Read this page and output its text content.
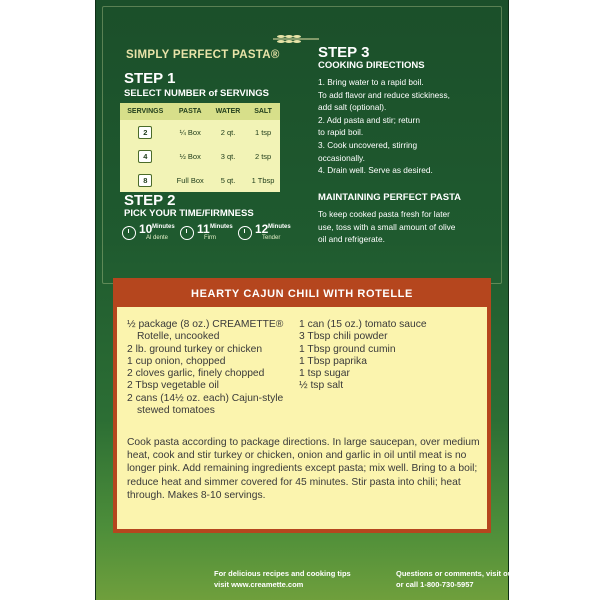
SIMPLY PERFECT PASTA®
STEP 1
SELECT NUMBER of SERVINGS
SERVINGS	PASTA	WATER	SALT
2	¼ Box	2 qt.	1 tsp
4	½ Box	3 qt.	2 tsp
8	Full Box	5 qt.	1 Tbsp
STEP 2
PICK YOUR TIME/FIRMNESS
10 Minutes
Al dente
11 Minutes
Firm
12 Minutes
Tender
STEP 3
COOKING DIRECTIONS

1. Bring water to a rapid boil.

To add flavor and reduce stickiness,

add salt (optional).

2. Add pasta and stir; return

to rapid boil.

3. Cook uncovered, stirring

occasionally.

4. Drain well. Serve as desired.

MAINTAINING PERFECT PASTA
To keep cooked pasta fresh for later
use, toss with a small amount of olive
oil and refrigerate.
For delicious recipes and cooking tips
visit www.creamette.com
Questions or comments, visit our web site
or call 1-800-730-5957
HEARTY CAJUN CHILI WITH ROTELLE
½ package (8 oz.) CREAMETTE®
Rotelle, uncooked
2 lb. ground turkey or chicken
1 cup onion, chopped
2 cloves garlic, finely chopped
2 Tbsp vegetable oil
2 cans (14½ oz. each) Cajun-style
stewed tomatoes
1 can (15 oz.) tomato sauce
3 Tbsp chili powder
1 Tbsp ground cumin
1 Tbsp paprika
1 tsp sugar
½ tsp salt
Cook pasta according to package directions. In large saucepan, over medium heat, cook and stir turkey or chicken, onion and garlic in oil until meat is no longer pink. Add remaining ingredients except pasta; mix well. Bring to a boil; reduce heat and simmer covered for 45 minutes. Stir pasta into chili; heat through. Makes 8-10 servings.
